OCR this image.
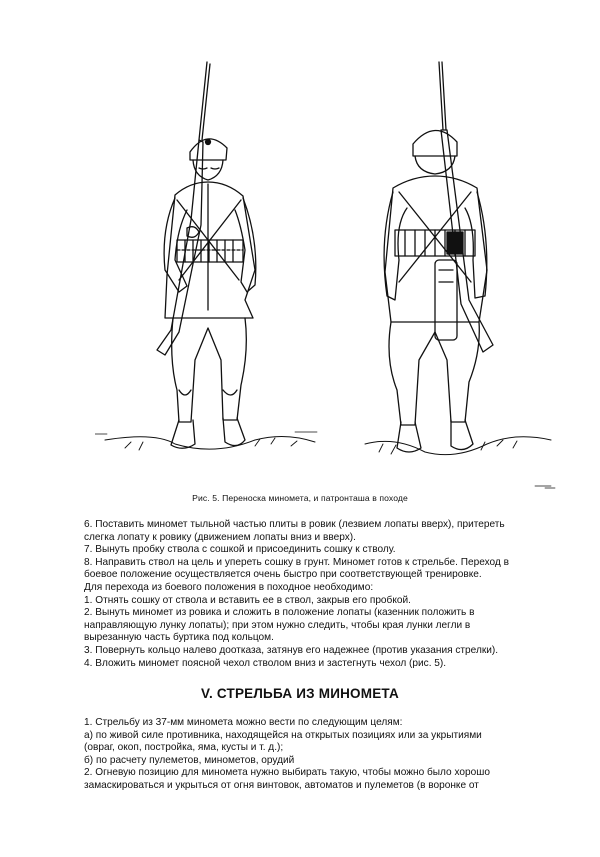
Рис. 5. Переноска миномета, и патронташа в походе

6. Поставить миномет тыльной частью плиты в ровик (лезвием лопаты вверх), притереть

слегка лопату к ровику (движением лопаты вниз и вверх).

7. Вынуть пробку ствола с сошкой и присоединить сошку к стволу.

8. Направить ствол на цель и упереть сошку в грунт. Миномет готов к стрельбе. Переход в

боевое положение осуществляется очень быстро при соответствующей тренировке.

Для перехода из боевого положения в походное необходимо:

1. Отнять сошку от ствола и вставить ее в ствол, закрыв его пробкой.

2. Вынуть миномет из ровика и сложить в положение лопаты (казенник положить в

направляющую лунку лопаты); при этом нужно следить, чтобы края лунки легли в

вырезанную часть буртика под кольцом.

3. Повернуть кольцо налево доотказа, затянув его надежнее (против указания стрелки).

4. Вложить миномет поясной чехол стволом вниз и застегнуть чехол (рис. 5).

V. СТРЕЛЬБА ИЗ МИНОМЕТА

1. Стрельбу из 37-мм миномета можно вести по следующим целям:

а) по живой силе противника, находящейся на открытых позициях или за укрытиями

(овраг, окоп, постройка, яма, кусты и т. д.);

б) по расчету пулеметов, минометов, орудий

2. Огневую позицию для миномета нужно выбирать такую, чтобы можно было хорошо

замаскироваться и укрыться от огня винтовок, автоматов и пулеметов (в воронке от
